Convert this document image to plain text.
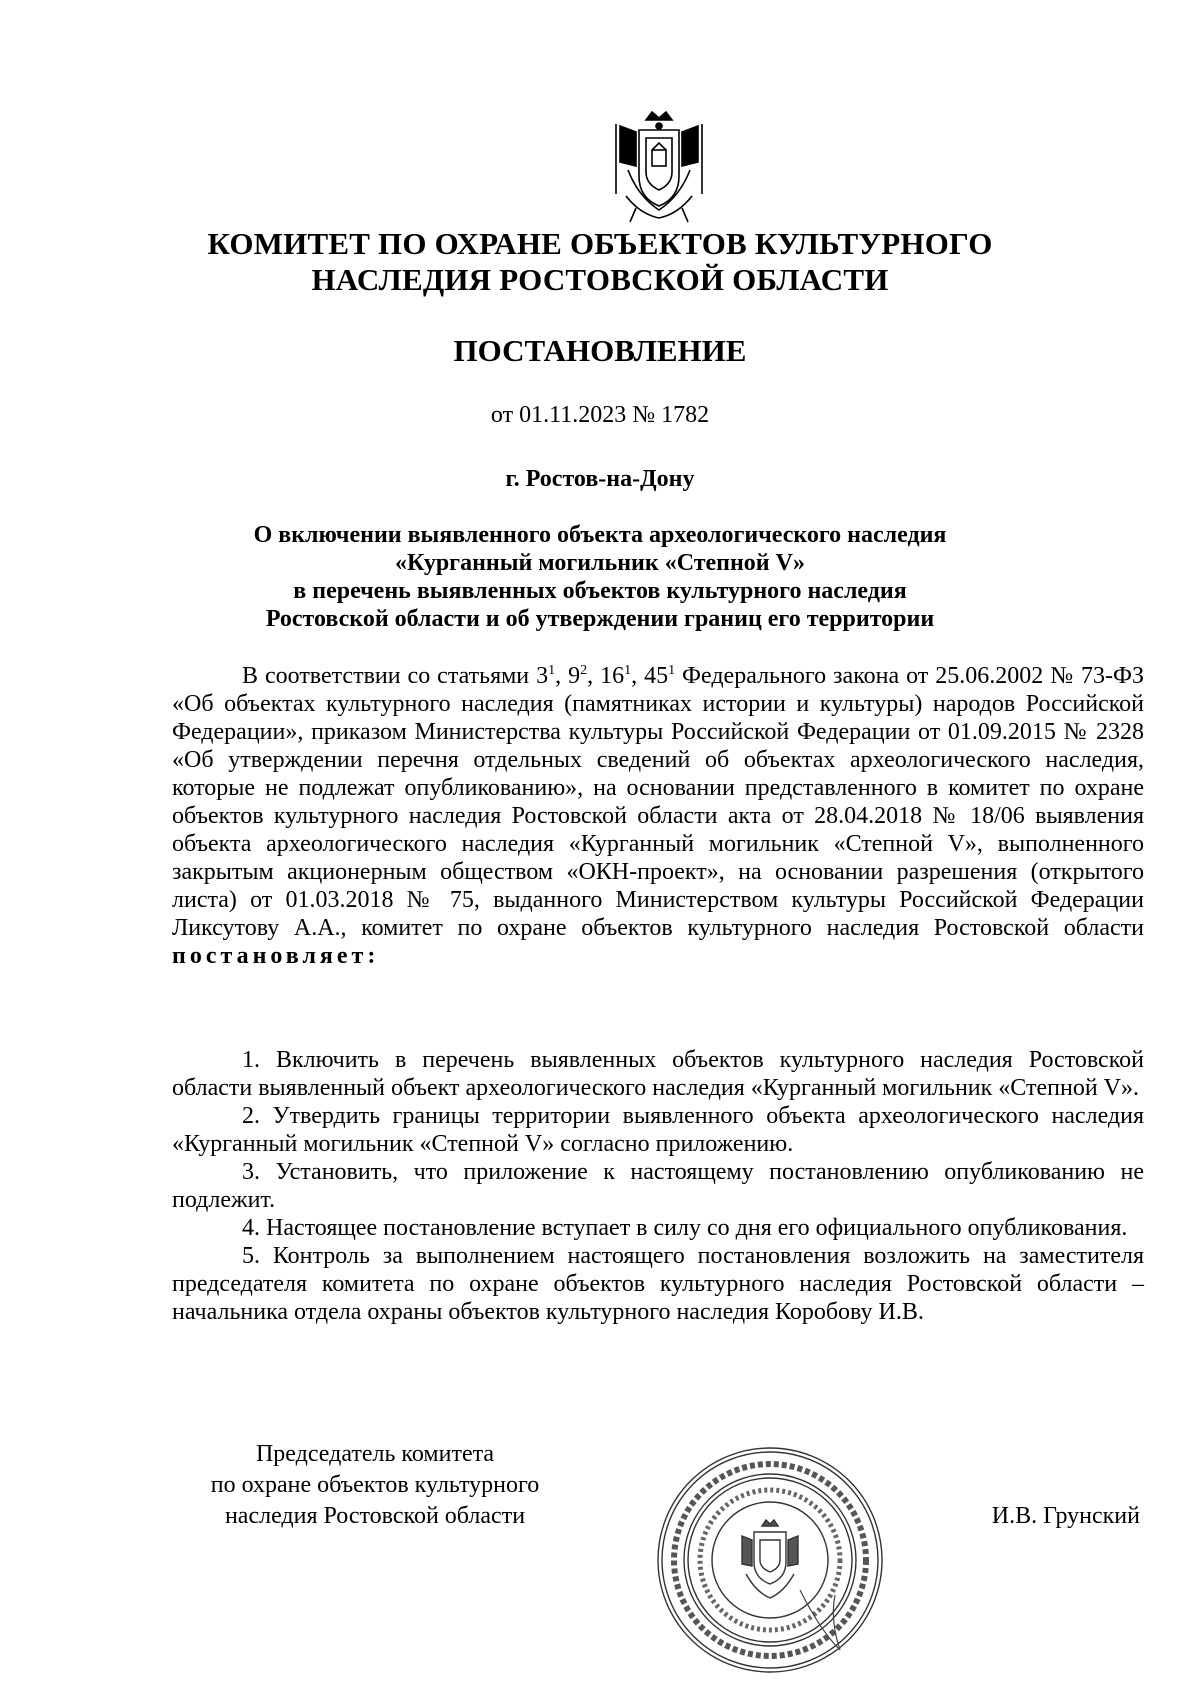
КОМИТЕТ ПО ОХРАНЕ ОБЪЕКТОВ КУЛЬТУРНОГО
НАСЛЕДИЯ РОСТОВСКОЙ ОБЛАСТИ
ПОСТАНОВЛЕНИЕ
от 01.11.2023 № 1782
г. Ростов-на-Дону
О включении выявленного объекта археологического наследия
«Курганный могильник «Степной V»
в перечень выявленных объектов культурного наследия
Ростовской области и об утверждении границ его территории

В соответствии со статьями $3^1$, $9^2$, $16^1$, $45^1$ Федерального закона от 25.06.2002 № 73-ФЗ «Об объектах культурного наследия (памятниках истории и культуры) народов Российской Федерации», приказом Министерства культуры Российской Федерации от 01.09.2015 № 2328 «Об утверждении перечня отдельных сведений об объектах археологического наследия, которые не подлежат опубликованию», на основании представленного в комитет по охране объектов культурного наследия Ростовской области акта от 28.04.2018 № 18/06 выявления объекта археологического наследия «Курганный могильник «Степной V», выполненного закрытым акционерным обществом «ОКН-проект», на основании разрешения (открытого листа) от 01.03.2018 № 75, выданного Министерством культуры Российской Федерации Ликсутову А.А., комитет по охране объектов культурного наследия Ростовской области постановляет:

1. Включить в перечень выявленных объектов культурного наследия Ростовской области выявленный объект археологического наследия «Курганный могильник «Степной V».

2. Утвердить границы территории выявленного объекта археологического наследия «Курганный могильник «Степной V» согласно приложению.

3. Установить, что приложение к настоящему постановлению опубликованию не подлежит.

4. Настоящее постановление вступает в силу со дня его официального опубликования.

5. Контроль за выполнением настоящего постановления возложить на заместителя председателя комитета по охране объектов культурного наследия Ростовской области – начальника отдела охраны объектов культурного наследия Коробову И.В.

Председатель комитета
по охране объектов культурного
наследия Ростовской области	И.В. Грунский
